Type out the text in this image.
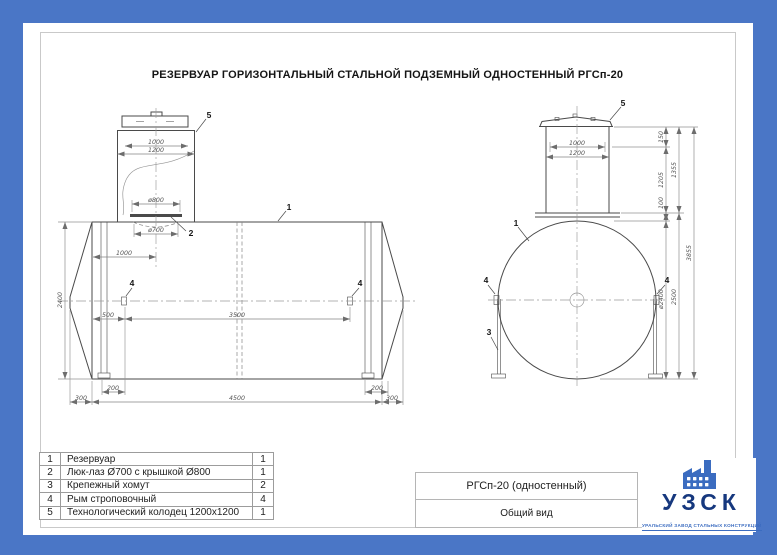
РЕЗЕРВУАР ГОРИЗОНТАЛЬНЫЙ СТАЛЬНОЙ ПОДЗЕМНЫЙ ОДНОСТЕННЫЙ РГСп-20
1000
1200
ø800
ø700
1000
500	3500
200	200
300	4500	300
2400
1
2
5
4	4
1000
1200
150
1205
100
ø2400
1355
2500
3855
1
3
4	4
5
1	Резервуар	1
2	Люк-лаз Ø700 с крышкой Ø800	1
3	Крепежный хомут	2
4	Рым строповочный	4
5	Технологический колодец 1200x1200	1
РГСп-20 (одностенный)
Общий вид	УЗСК
УРАЛЬСКИЙ ЗАВОД СТАЛЬНЫХ КОНСТРУКЦИЙ
